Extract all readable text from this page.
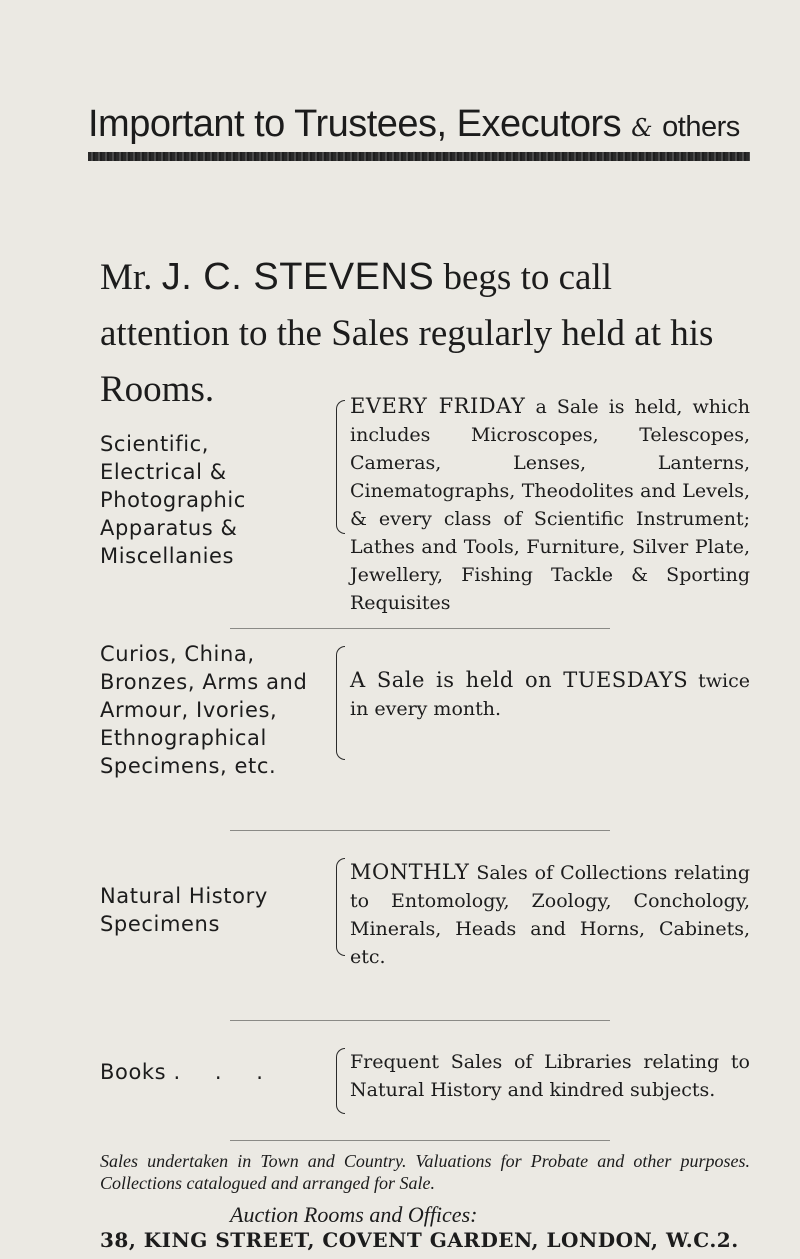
Important to Trustees, Executors & others
Mr. J. C. STEVENS begs to call attention to the Sales regularly held at his Rooms.
Scientific, Electrical & Photographic Apparatus & Miscellanies
EVERY FRIDAY a Sale is held, which includes Microscopes, Telescopes, Cameras, Lenses, Lanterns, Cinematographs, Theodolites and Levels, & every class of Scientific Instrument; Lathes and Tools, Furniture, Silver Plate, Jewellery, Fishing Tackle & Sporting Requisites
Curios, China, Bronzes, Arms and Armour, Ivories, Ethnographical Specimens, etc.
A Sale is held on TUESDAYS twice in every month.
Natural History Specimens
MONTHLY Sales of Collections relating to Entomology, Zoology, Conchology, Minerals, Heads and Horns, Cabinets, etc.
Books . . .	Frequent Sales of Libraries relating to Natural History and kindred subjects.
Sales undertaken in Town and Country. Valuations for Probate and other purposes. Collections catalogued and arranged for Sale.
Auction Rooms and Offices:
38, KING STREET, COVENT GARDEN, LONDON, W.C.2.
